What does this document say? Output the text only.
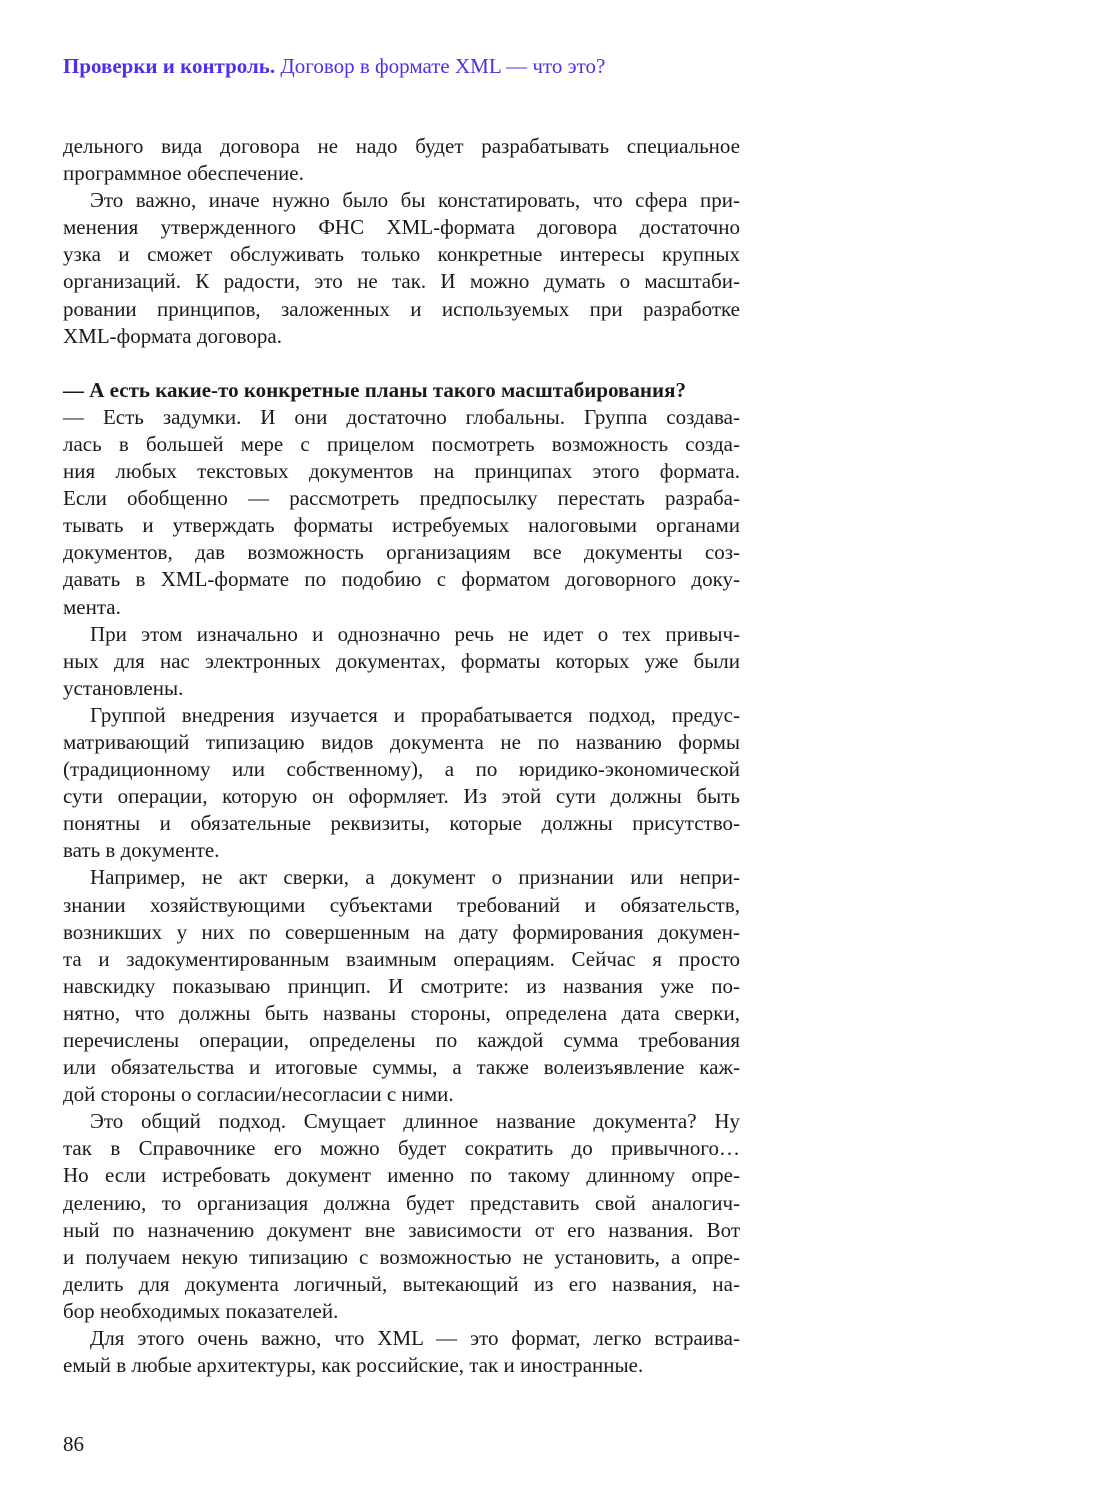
Проверки и контроль. Договор в формате XML — что это?
дельного вида договора не надо будет разрабатывать специальное
программное обеспечение.
Это важно, иначе нужно было бы констатировать, что сфера при-
менения утвержденного ФНС XML-формата договора достаточно
узка и сможет обслуживать только конкретные интересы крупных
организаций. К радости, это не так. И можно думать о масштаби-
ровании принципов, заложенных и используемых при разработке
XML-формата договора.
— А есть какие-то конкретные планы такого масштабирования?
— Есть задумки. И они достаточно глобальны. Группа создава-
лась в большей мере с прицелом посмотреть возможность созда-
ния любых текстовых документов на принципах этого формата.
Если обобщенно — рассмотреть предпосылку перестать разраба-
тывать и утверждать форматы истребуемых налоговыми органами
документов, дав возможность организациям все документы соз-
давать в XML-формате по подобию с форматом договорного доку-
мента.
При этом изначально и однозначно речь не идет о тех привыч-
ных для нас электронных документах, форматы которых уже были
установлены.
Группой внедрения изучается и прорабатывается подход, предус-
матривающий типизацию видов документа не по названию формы
(традиционному или собственному), а по юридико-экономической
сути операции, которую он оформляет. Из этой сути должны быть
понятны и обязательные реквизиты, которые должны присутство-
вать в документе.
Например, не акт сверки, а документ о признании или непри-
знании хозяйствующими субъектами требований и обязательств,
возникших у них по совершенным на дату формирования докумен-
та и задокументированным взаимным операциям. Сейчас я просто
навскидку показываю принцип. И смотрите: из названия уже по-
нятно, что должны быть названы стороны, определена дата сверки,
перечислены операции, определены по каждой сумма требования
или обязательства и итоговые суммы, а также волеизъявление каж-
дой стороны о согласии/несогласии с ними.
Это общий подход. Смущает длинное название документа? Ну
так в Справочнике его можно будет сократить до привычного…
Но если истребовать документ именно по такому длинному опре-
делению, то организация должна будет представить свой аналогич-
ный по назначению документ вне зависимости от его названия. Вот
и получаем некую типизацию с возможностью не установить, а опре-
делить для документа логичный, вытекающий из его названия, на-
бор необходимых показателей.
Для этого очень важно, что XML — это формат, легко встраива-
емый в любые архитектуры, как российские, так и иностранные.
86
